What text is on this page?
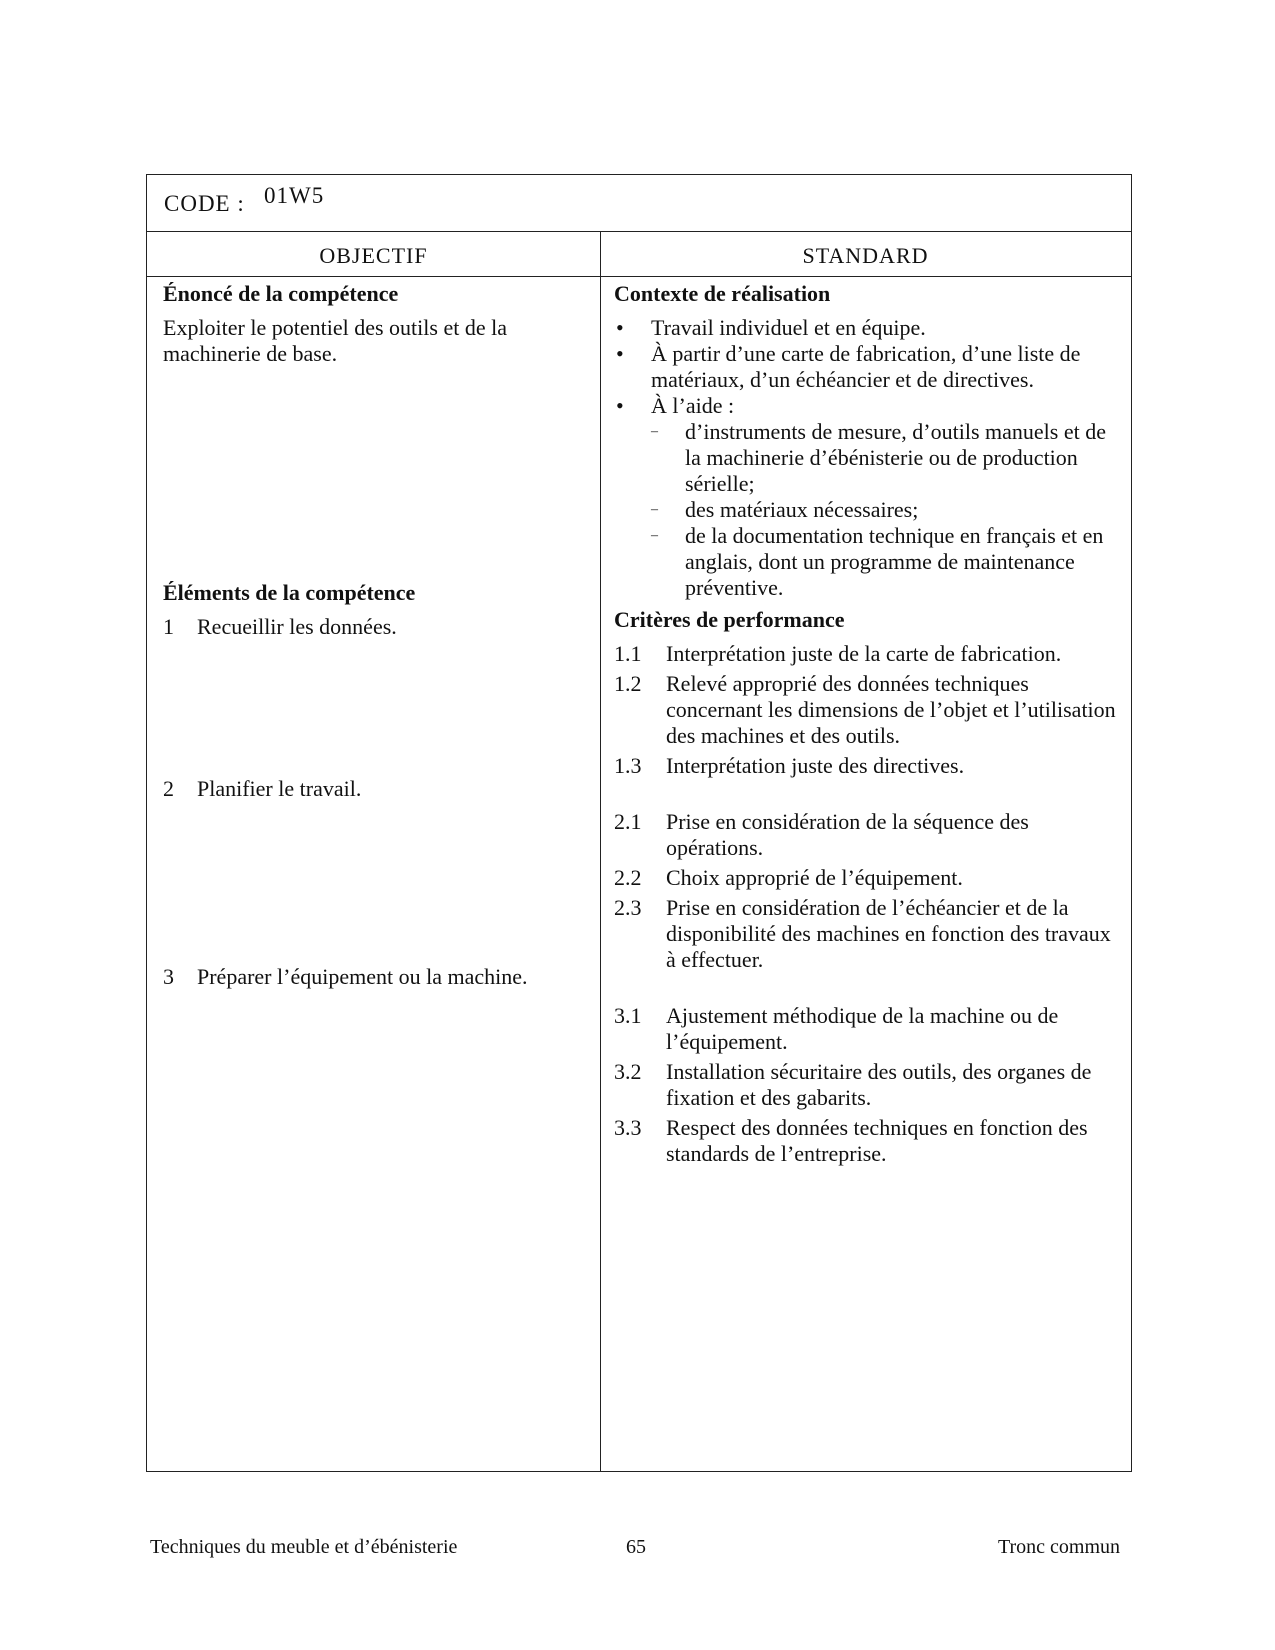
CODE : 01W5
OBJECTIF	STANDARD
Énoncé de la compétence
Exploiter le potentiel des outils et de la machinerie de base.
Éléments de la compétence
1 Recueillir les données.
2 Planifier le travail.
3 Préparer l’équipement ou la machine.
Contexte de réalisation
• Travail individuel et en équipe.
• À partir d’une carte de fabrication, d’une liste de matériaux, d’un échéancier et de directives.
• À l’aide :
– d’instruments de mesure, d’outils manuels et de la machinerie d’ébénisterie ou de production sérielle;
– des matériaux nécessaires;
– de la documentation technique en français et en anglais, dont un programme de maintenance préventive.
Critères de performance
1.1 Interprétation juste de la carte de fabrication.
1.2 Relevé approprié des données techniques concernant les dimensions de l’objet et l’utilisation des machines et des outils.
1.3 Interprétation juste des directives.
2.1 Prise en considération de la séquence des opérations.
2.2 Choix approprié de l’équipement.
2.3 Prise en considération de l’échéancier et de la disponibilité des machines en fonction des travaux à effectuer.
3.1 Ajustement méthodique de la machine ou de l’équipement.
3.2 Installation sécuritaire des outils, des organes de fixation et des gabarits.
3.3 Respect des données techniques en fonction des standards de l’entreprise.
Techniques du meuble et d’ébénisterie	65	Tronc commun
